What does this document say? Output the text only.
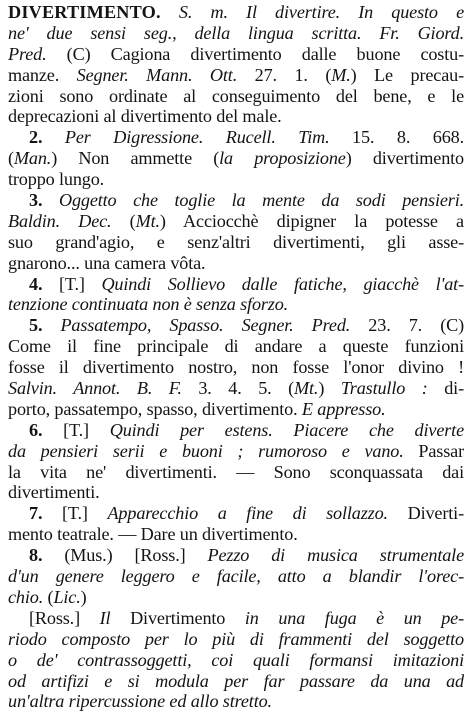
DIVERTIMENTO. S. m. Il divertire. In questo e
ne' due sensi seg., della lingua scritta. Fr. Giord.
Pred. (C) Cagiona divertimento dalle buone costu-
manze. Segner. Mann. Ott. 27. 1. (M.) Le precau-
zioni sono ordinate al conseguimento del bene, e le
deprecazioni al divertimento del male.
2. Per Digressione. Rucell. Tim. 15. 8. 668.
(Man.) Non ammette (la proposizione) divertimento
troppo lungo.
3. Oggetto che toglie la mente da sodi pensieri.
Baldin. Dec. (Mt.) Acciocchè dipigner la potesse a
suo grand'agio, e senz'altri divertimenti, gli asse-
gnarono... una camera vôta.
4. [T.] Quindi Sollievo dalle fatiche, giacchè l'at-
tenzione continuata non è senza sforzo.
5. Passatempo, Spasso. Segner. Pred. 23. 7. (C)
Come il fine principale di andare a queste funzioni
fosse il divertimento nostro, non fosse l'onor divino !
Salvin. Annot. B. F. 3. 4. 5. (Mt.) Trastullo : di-
porto, passatempo, spasso, divertimento. E appresso.
6. [T.] Quindi per estens. Piacere che diverte
da pensieri serii e buoni ; rumoroso e vano. Passar
la vita ne' divertimenti. — Sono sconquassata dai
divertimenti.
7. [T.] Apparecchio a fine di sollazzo. Diverti-
mento teatrale. — Dare un divertimento.
8. (Mus.) [Ross.] Pezzo di musica strumentale
d'un genere leggero e facile, atto a blandir l'orec-
chio. (Lic.)
[Ross.] Il Divertimento in una fuga è un pe-
riodo composto per lo più di frammenti del soggetto
o de' contrassoggetti, coi quali formansi imitazioni
od artifizi e si modula per far passare da una ad
un'altra ripercussione ed allo stretto.
